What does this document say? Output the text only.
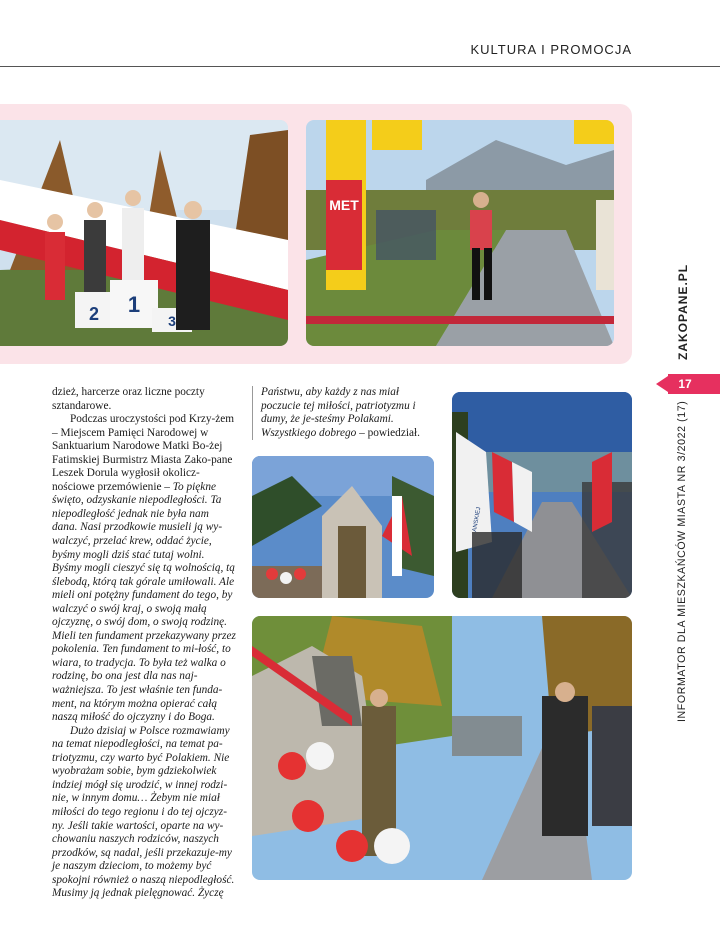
KULTURA I PROMOCJA
2 1
3
MET
ANSKIEJ

dzież, harcerze oraz liczne poczty sztandarowe.

Podczas uroczystości pod Krzy-żem – Miejscem Pamięci Narodowej w Sanktuarium Narodowe Matki Bo-żej Fatimskiej Burmistrz Miasta Zako-pane Leszek Dorula wygłosił okolicz-nościowe przemówienie – To piękne święto, odzyskanie niepodległości. Ta niepodległość jednak nie była nam dana. Nasi przodkowie musieli ją wy-walczyć, przelać krew, oddać życie, byśmy mogli dziś stać tutaj wolni. Byśmy mogli cieszyć się tą wolnością, tą ślebodą, którą tak górale umiłowali. Ale mieli oni potężny fundament do tego, by walczyć o swój kraj, o swoją małą ojczyznę, o swój dom, o swoją rodzinę. Mieli ten fundament przekazywany przez pokolenia. Ten fundament to mi-łość, to wiara, to tradycja. To była też walka o rodzinę, bo ona jest dla nas naj-ważniejsza. To jest właśnie ten funda-ment, na którym można opierać całą naszą miłość do ojczyzny i do Boga.

Dużo dzisiaj w Polsce rozmawiamy na temat niepodległości, na temat pa-triotyzmu, czy warto być Polakiem. Nie wyobrażam sobie, bym gdziekolwiek indziej mógł się urodzić, w innej rodzi-nie, w innym domu… Żebym nie miał miłości do tego regionu i do tej ojczyz-ny. Jeśli takie wartości, oparte na wy-chowaniu naszych rodziców, naszych przodków, są nadal, jeśli przekazuje-my je naszym dzieciom, to możemy być spokojni również o naszą niepodległość. Musimy ją jednak pielęgnować. Życzę

Państwu, aby każdy z nas miał poczucie tej miłości, patriotyzmu i dumy, że je-steśmy Polakami. Wszystkiego dobrego – powiedział.

17
ZAKOPANE.PL
INFORMATOR DLA MIESZKAŃCÓW MIASTA NR 3/2022 (17)
